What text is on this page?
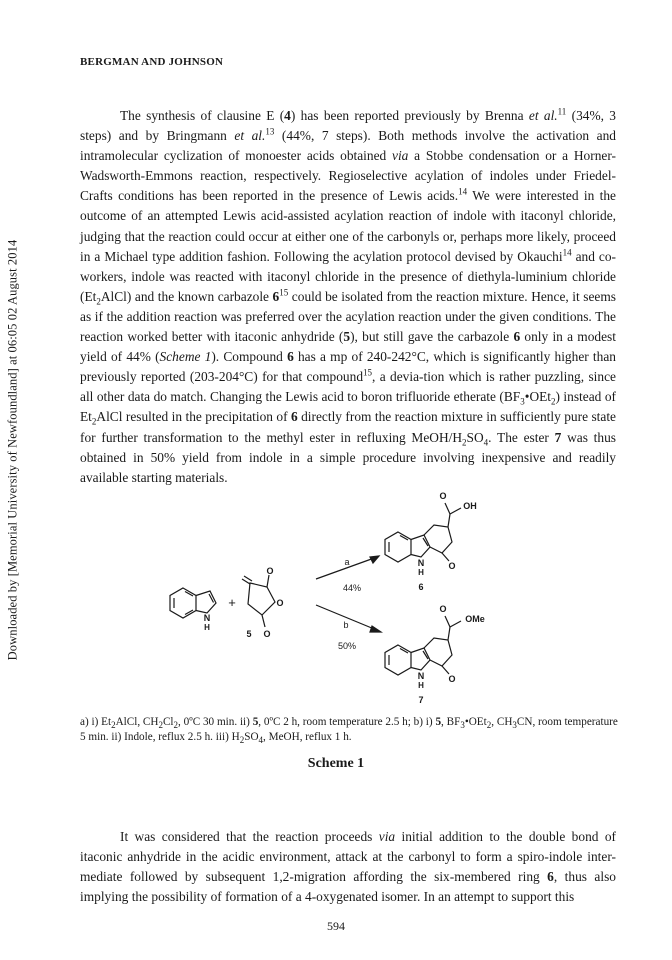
Downloaded by [Memorial University of Newfoundland] at 06:05 02 August 2014
BERGMAN AND JOHNSON

The synthesis of clausine E (4) has been reported previously by Brenna et al.$^{11}$ (34%, 3 steps) and by Bringmann et al.$^{13}$ (44%, 7 steps). Both methods involve the activation and intramolecular cyclization of monoester acids obtained via a Stobbe condensation or a Horner-Wadsworth-Emmons reaction, respectively. Regioselective acylation of indoles under Friedel-Crafts conditions has been reported in the presence of Lewis acids.$^{14}$ We were interested in the outcome of an attempted Lewis acid-assisted acylation reaction of indole with itaconyl chloride, judging that the reaction could occur at either one of the carbonyls or, perhaps more likely, proceed in a Michael type addition fashion. Following the acylation protocol devised by Okauchi$^{14}$ and co-workers, indole was reacted with itaconyl chloride in the presence of diethyla-luminium chloride $(Et_2AlCl)$ and the known carbazole $6^{15}$ could be isolated from the reaction mixture. Hence, it seems as if the addition reaction was preferred over the acylation reaction under the given conditions. The reaction worked better with itaconic anhydride (5), but still gave the carbazole 6 only in a modest yield of 44% (Scheme 1). Compound 6 has a mp of 240-242°C, which is significantly higher than previously reported (203-204°C) for that compound$^{15}$, a devia-tion which is rather puzzling, since all other data do match. Changing the Lewis acid to boron trifluoride etherate $(BF_3•OEt_2)$ instead of $Et_2AlCl$ resulted in the precipitation of 6 directly from the reaction mixture in sufficiently pure state for further transformation to the methyl ester in refluxing MeOH/$H_2SO_4$. The ester 7 was thus obtained in 50% yield from indole in a simple procedure involving inexpensive and readily available starting materials.

N
H
+
O
O
O
5
a
44%
b
50%
O
O
OH
N
H
6
O
O
OMe
N
H
7

a) i) $Et_2AlCl$, $CH_2Cl_2$, 0ºC 30 min. ii) 5, 0ºC 2 h, room temperature 2.5 h; b) i) 5, $BF_3•OEt_2$, $CH_3CN$, room temperature 5 min. ii) Indole, reflux 2.5 h. iii) $H_2SO_4$, MeOH, reflux 1 h.

Scheme 1

It was considered that the reaction proceeds via initial addition to the double bond of itaconic anhydride in the acidic environment, attack at the carbonyl to form a spiro-indole inter-mediate followed by subsequent 1,2-migration affording the six-membered ring 6, thus also implying the possibility of formation of a 4-oxygenated isomer. In an attempt to support this

594
